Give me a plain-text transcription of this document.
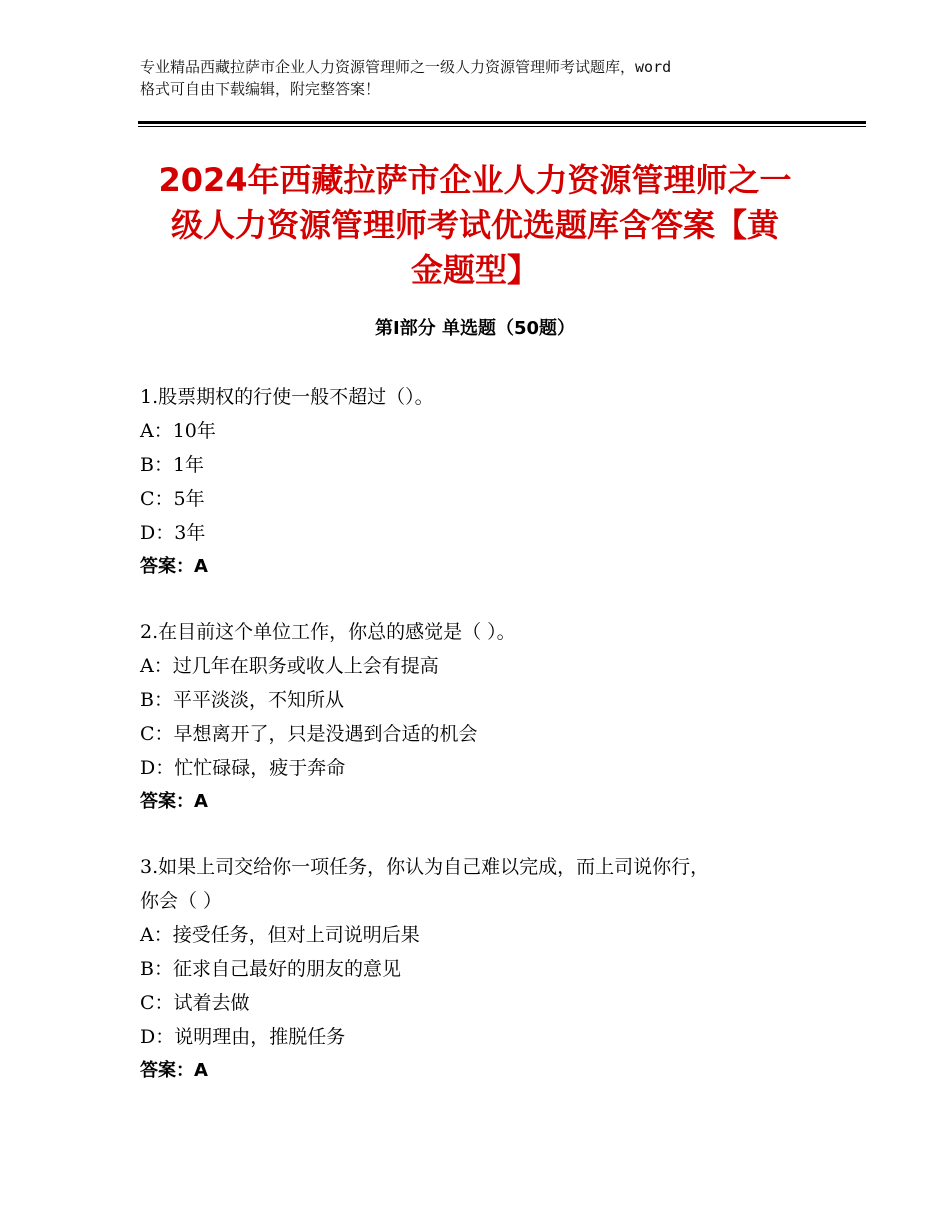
专业精品西藏拉萨市企业人力资源管理师之一级人力资源管理师考试题库，word
格式可自由下载编辑，附完整答案！
2024年西藏拉萨市企业人力资源管理师之一
级人力资源管理师考试优选题库含答案【黄
金题型】
第Ⅰ部分 单选题（50题）
1.股票期权的行使一般不超过（）。
A：10年
B：1年
C：5年
D：3年
答案：A
2.在目前这个单位工作，你总的感觉是（ ）。
A：过几年在职务或收人上会有提高
B：平平淡淡，不知所从
C：早想离开了，只是没遇到合适的机会
D：忙忙碌碌，疲于奔命
答案：A
3.如果上司交给你一项任务，你认为自己难以完成，而上司说你行，
你会（ ）
A：接受任务，但对上司说明后果
B：征求自己最好的朋友的意见
C：试着去做
D：说明理由，推脱任务
答案：A
